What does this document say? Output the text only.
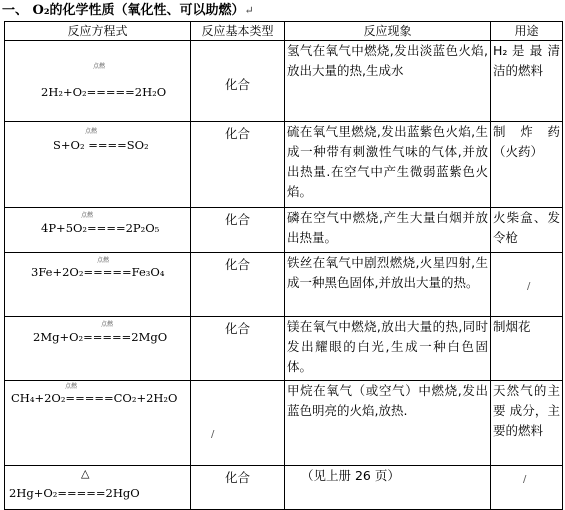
一、 O₂的化学性质（氧化性、可以助燃）↵
反应方程式	反应基本类型	反应现象	用途

点燃
2H₂+O₂=====2H₂O	化合	氢气在氧气中燃烧,发出淡蓝色火焰,放出大量的热,生成水	H₂ 是 最 清洁的燃料

点燃
S+O₂ ====SO₂	化合	硫在氧气里燃烧,发出蓝紫色火焰,生成一种带有刺激性气味的气体,并放出热量.在空气中产生微弱蓝紫色火焰。	制 炸 药（火药）

点燃
4P+5O₂====2P₂O₅	化合	磷在空气中燃烧,产生大量白烟并放出热量。	火柴盒、发令枪

点燃
3Fe+2O₂=====Fe₃O₄	化合	铁丝在氧气中剧烈燃烧,火星四射,生成一种黑色固体,并放出大量的热。	/

点燃
2Mg+O₂=====2MgO	化合	镁在氧气中燃烧,放出大量的热,同时发出耀眼的白光,生成一种白色固体。	制烟花

点燃
CH₄+2O₂=====CO₂+2H₂O	/	甲烷在氧气（或空气）中燃烧,发出蓝色明亮的火焰,放热.	天然气的主 要 成分，主要的燃料

△
2Hg+O₂=====2HgO	化合	（见上册 26 页）	/
